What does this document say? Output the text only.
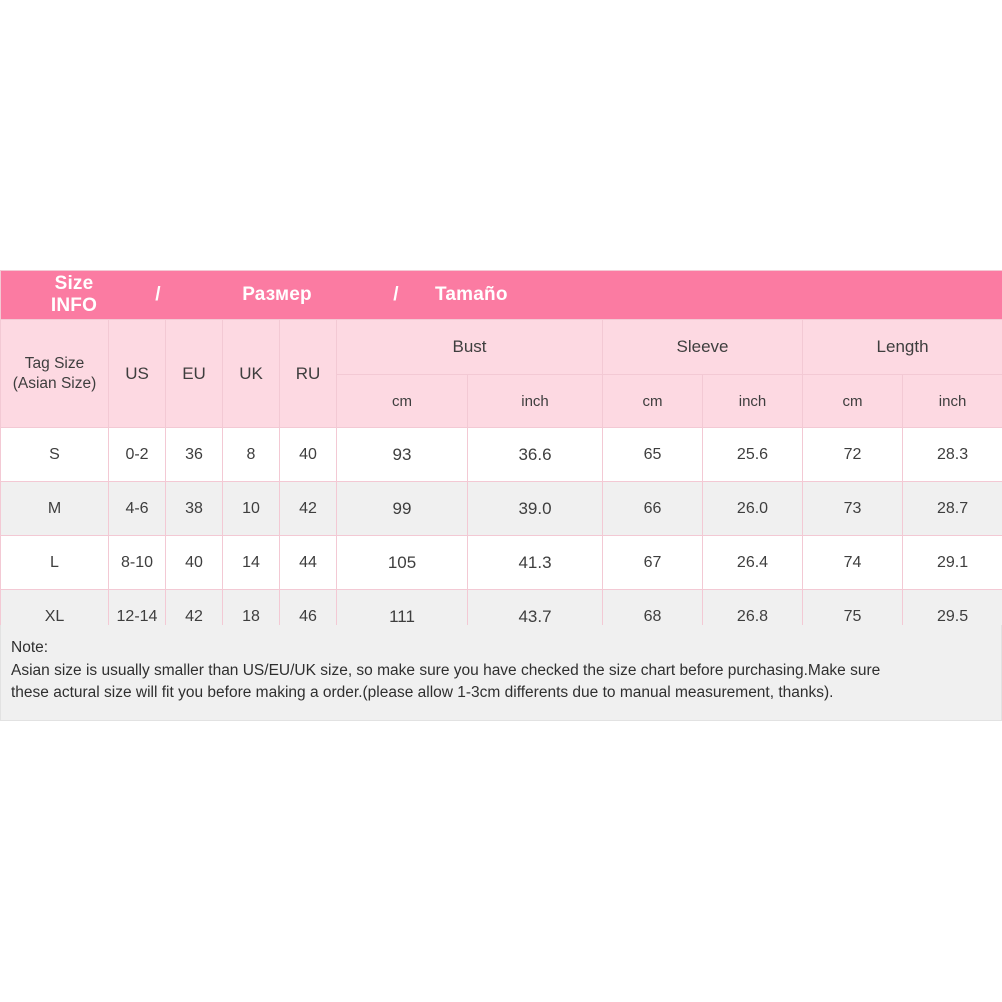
Size INFO
/ Размер / Tamaño										

Tag Size
(Asian Size)	US	EU	UK	RU	Bust		Sleeve		Length	
					cm	inch	cm	inch	cm	inch
S	0-2	36	8	40	93	36.6	65	25.6	72	28.3
M	4-6	38	10	42	99	39.0	66	26.0	73	28.7
L	8-10	40	14	44	105	41.3	67	26.4	74	29.1
XL	12-14	42	18	46	111	43.7	68	26.8	75	29.5
Note:
Asian size is usually smaller than US/EU/UK size, so make sure you have checked the size chart before purchasing.Make sure
these actural size will fit you before making a order.(please allow 1-3cm differents due to manual measurement, thanks).
